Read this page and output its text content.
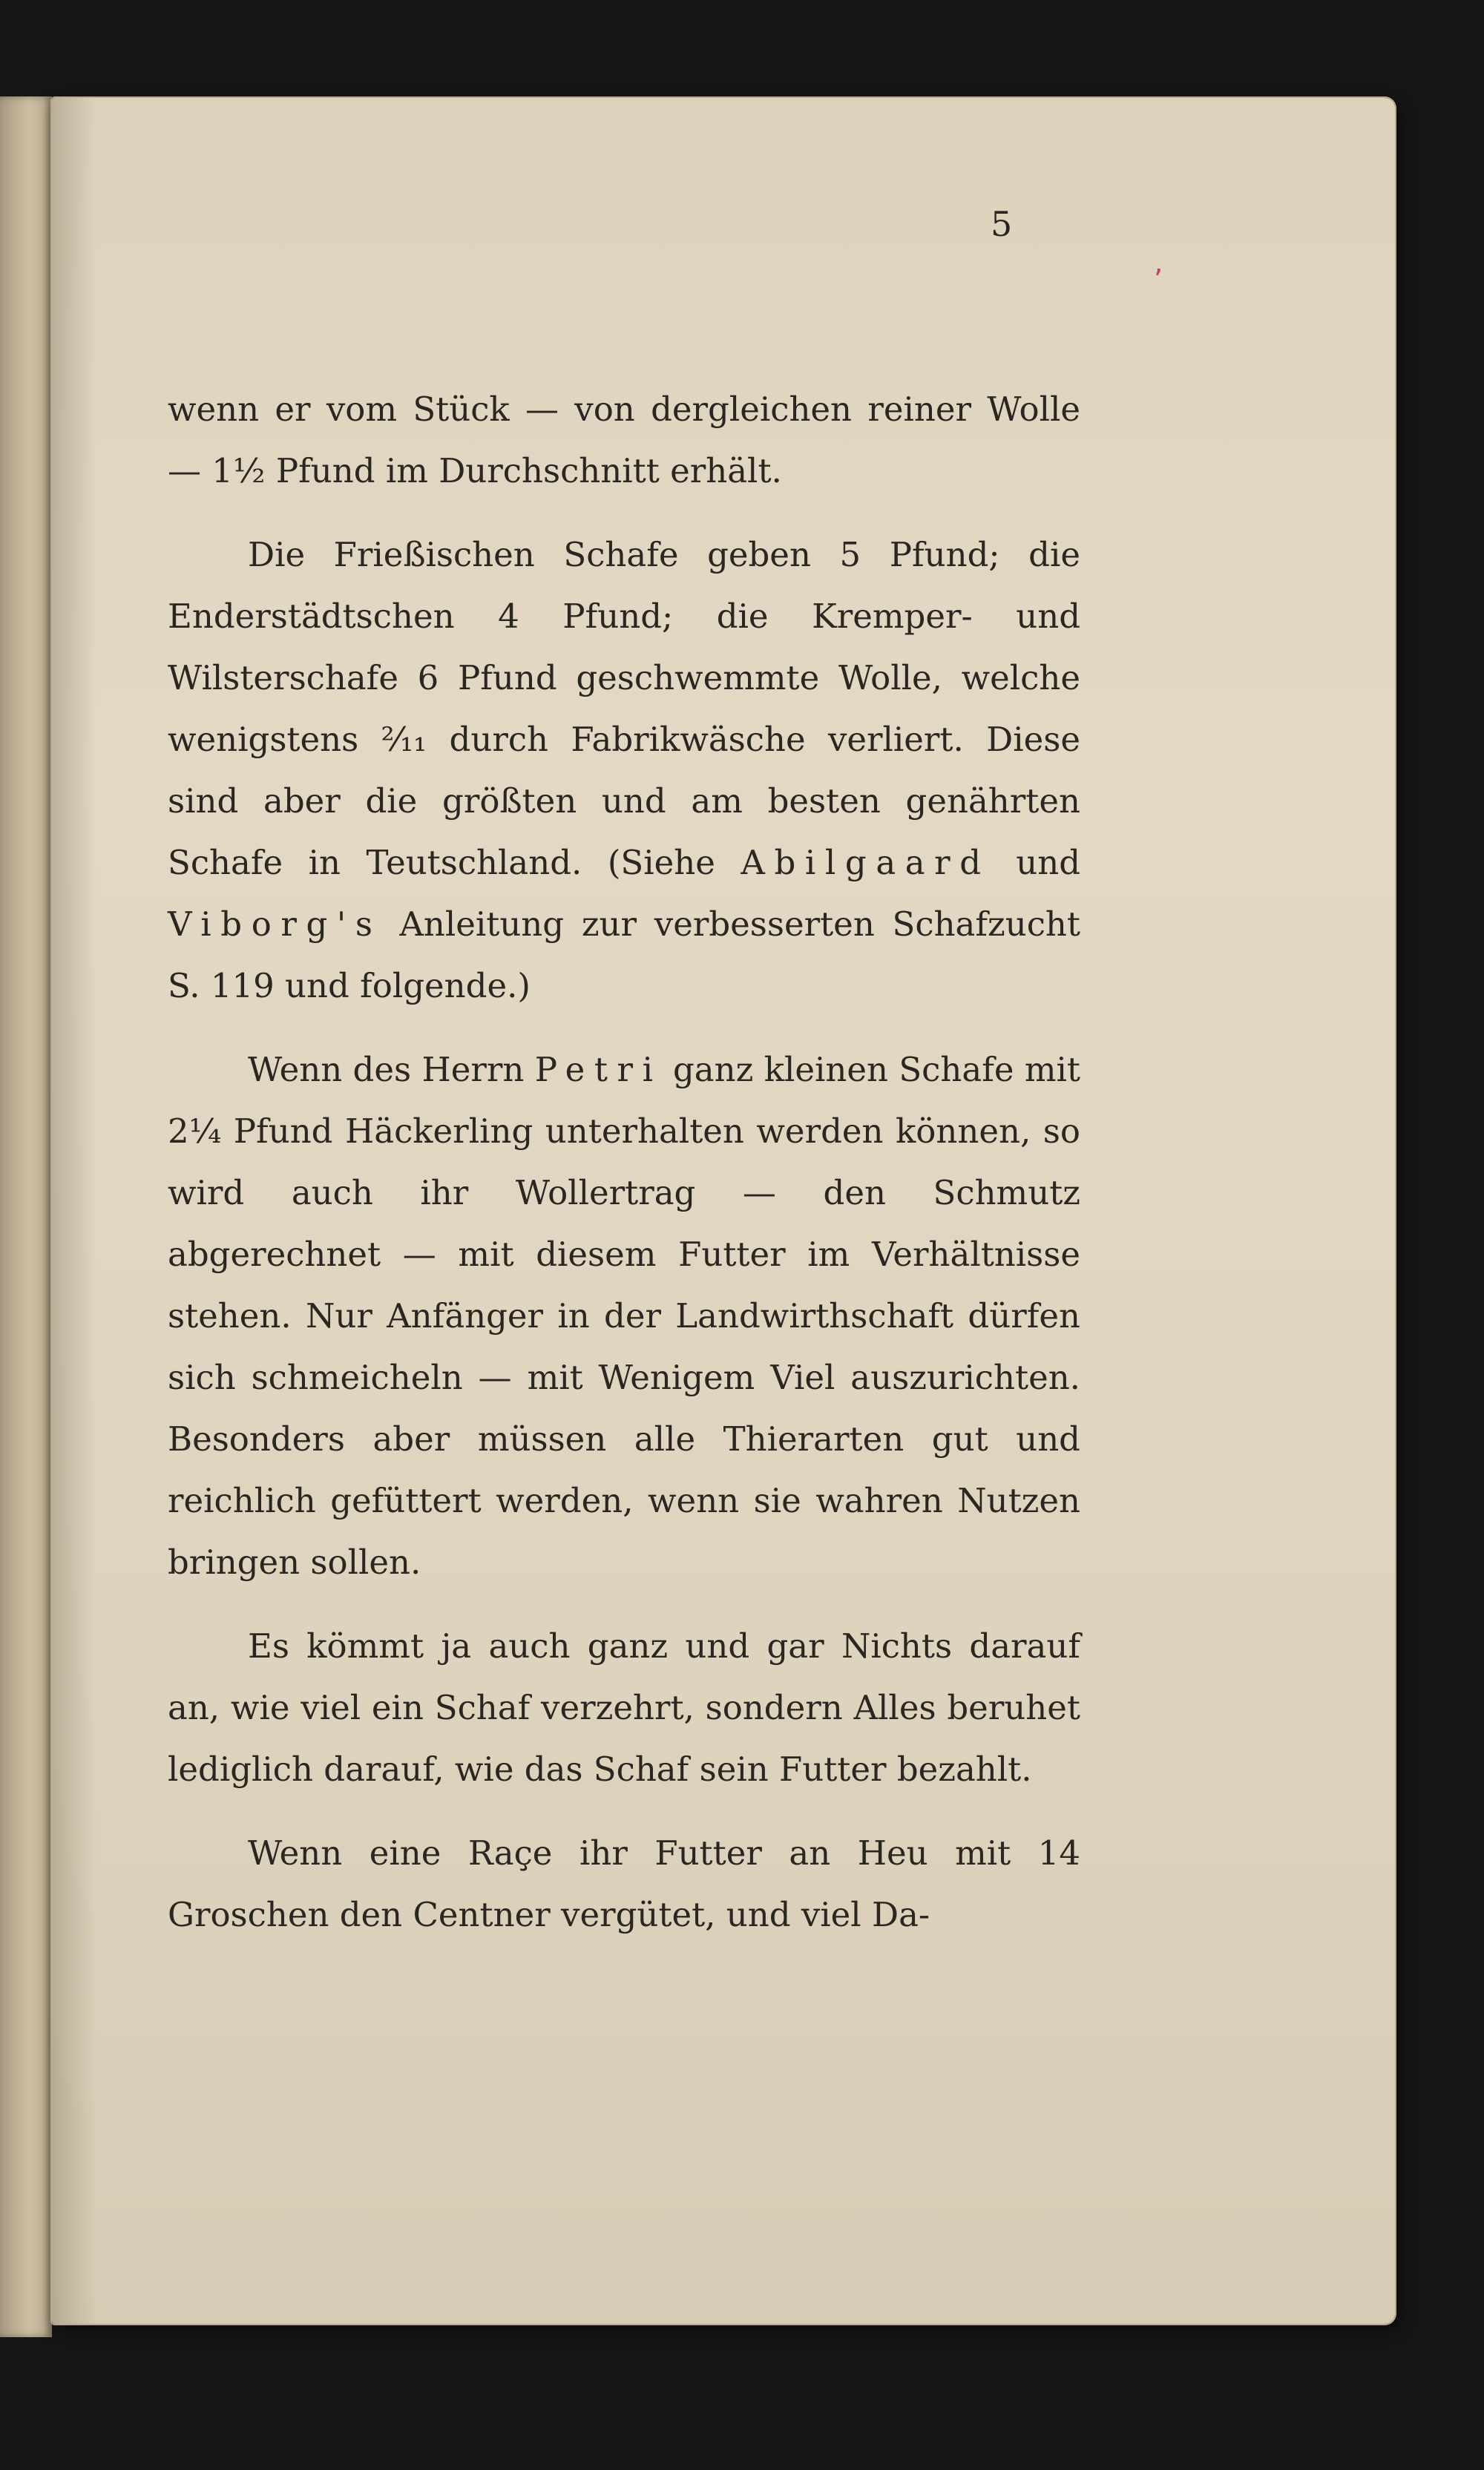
ʼ
5

wenn er vom Stück — von dergleichen reiner Wolle — 1½ Pfund im Durchschnitt erhält.

Die Frießischen Schafe geben 5 Pfund; die Enderstädtschen 4 Pfund; die Kremper- und Wilsterschafe 6 Pfund geschwemmte Wolle, welche wenigstens ²⁄₁₁ durch Fabrikwäsche verliert. Diese sind aber die größten und am besten genährten Schafe in Teutschland. (Siehe Abilgaard und Viborg's Anleitung zur verbesserten Schafzucht S. 119 und folgende.)

Wenn des Herrn Petri ganz kleinen Schafe mit 2¼ Pfund Häckerling unterhalten werden können, so wird auch ihr Wollertrag — den Schmutz abgerechnet — mit diesem Futter im Verhältnisse stehen. Nur Anfänger in der Landwirthschaft dürfen sich schmeicheln — mit Wenigem Viel auszurichten. Besonders aber müssen alle Thierarten gut und reichlich gefüttert werden, wenn sie wahren Nutzen bringen sollen.

Es kömmt ja auch ganz und gar Nichts darauf an, wie viel ein Schaf verzehrt, sondern Alles beruhet lediglich darauf, wie das Schaf sein Futter bezahlt.

Wenn eine Raçe ihr Futter an Heu mit 14 Groschen den Centner vergütet, und viel Da-
